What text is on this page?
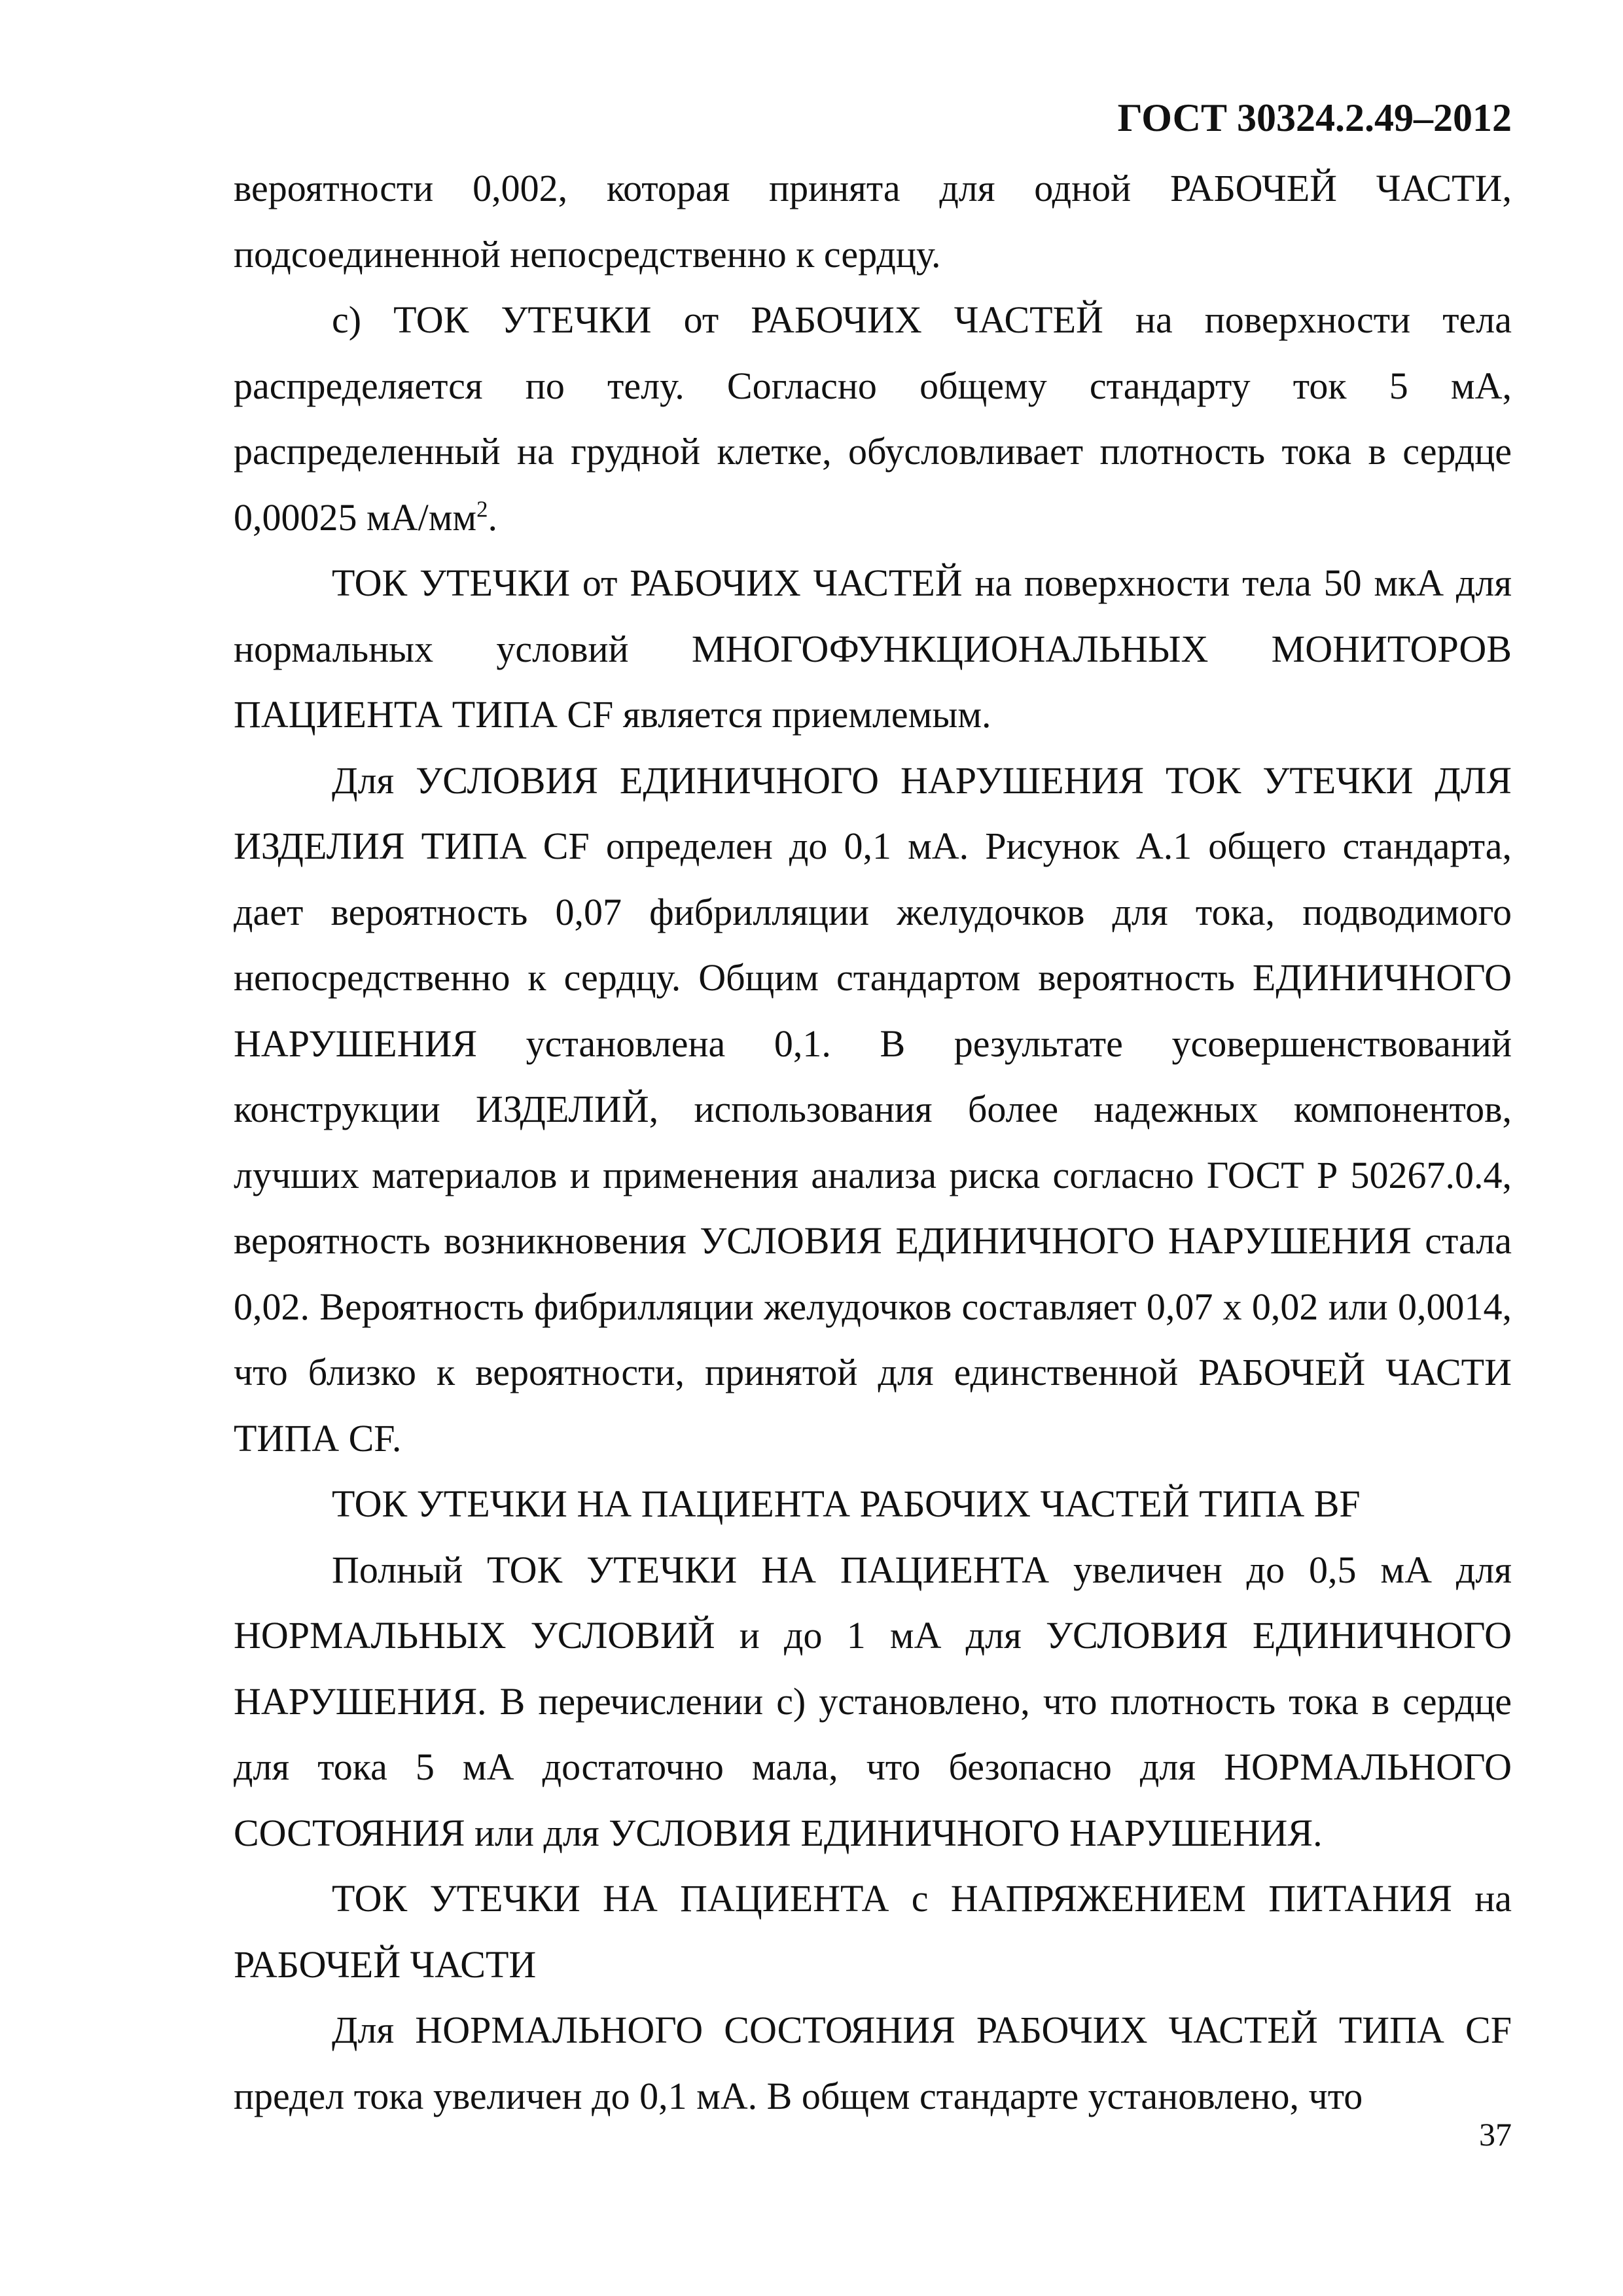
ГОСТ 30324.2.49–2012

вероятности 0,002, которая принята для одной РАБОЧЕЙ ЧАСТИ, подсоединенной непосредственно к сердцу.

с) ТОК УТЕЧКИ от РАБОЧИХ ЧАСТЕЙ на поверхности тела распределяется по телу. Согласно общему стандарту ток 5 мА, распределенный на грудной клетке, обусловливает плотность тока в сердце 0,00025 $мА/мм^2$.

ТОК УТЕЧКИ от РАБОЧИХ ЧАСТЕЙ на поверхности тела 50 мкА для нормальных условий МНОГОФУНКЦИОНАЛЬНЫХ МОНИТОРОВ ПАЦИЕНТА ТИПА CF является приемлемым.

Для УСЛОВИЯ ЕДИНИЧНОГО НАРУШЕНИЯ ТОК УТЕЧКИ ДЛЯ ИЗДЕЛИЯ ТИПА CF определен до 0,1 мА. Рисунок А.1 общего стандарта, дает вероятность 0,07 фибрилляции желудочков для тока, подводимого непосредственно к сердцу. Общим стандартом вероятность ЕДИНИЧНОГО НАРУШЕНИЯ установлена 0,1. В результате усовершенствований конструкции ИЗДЕЛИЙ, использования более надежных компонентов, лучших материалов и применения анализа риска согласно ГОСТ Р 50267.0.4, вероятность возникновения УСЛОВИЯ ЕДИНИЧНОГО НАРУШЕНИЯ стала 0,02. Вероятность фибрилляции желудочков составляет 0,07 х 0,02 или 0,0014, что близко к вероятности, принятой для единственной РАБОЧЕЙ ЧАСТИ ТИПА CF.

ТОК УТЕЧКИ НА ПАЦИЕНТА РАБОЧИХ ЧАСТЕЙ ТИПА BF

Полный ТОК УТЕЧКИ НА ПАЦИЕНТА увеличен до 0,5 мА для НОРМАЛЬНЫХ УСЛОВИЙ и до 1 мА для УСЛОВИЯ ЕДИНИЧНОГО НАРУШЕНИЯ. В перечислении с) установлено, что плотность тока в сердце для тока 5 мА достаточно мала, что безопасно для НОРМАЛЬНОГО СОСТОЯНИЯ или для УСЛОВИЯ ЕДИНИЧНОГО НАРУШЕНИЯ.

ТОК УТЕЧКИ НА ПАЦИЕНТА с НАПРЯЖЕНИЕМ ПИТАНИЯ на РАБОЧЕЙ ЧАСТИ

Для НОРМАЛЬНОГО СОСТОЯНИЯ РАБОЧИХ ЧАСТЕЙ ТИПА CF предел тока увеличен до 0,1 мА. В общем стандарте установлено, что

37
